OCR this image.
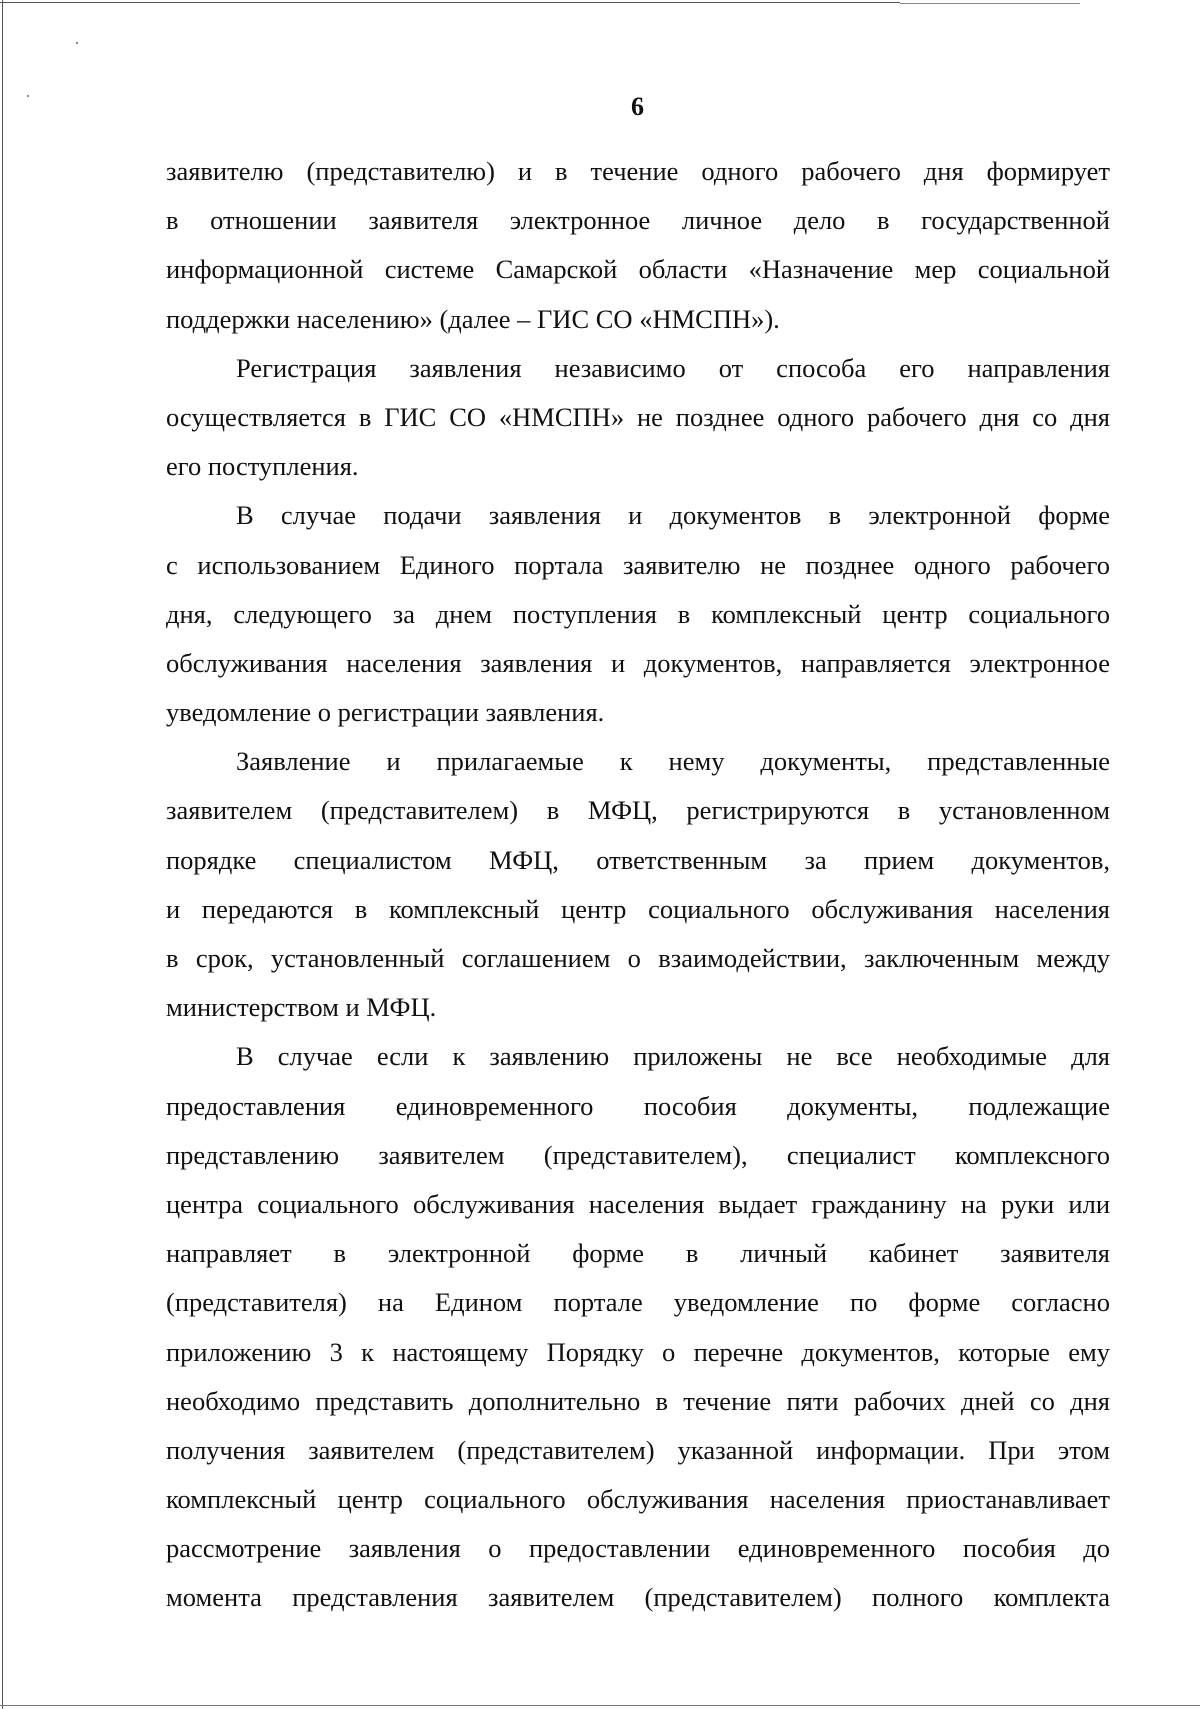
6
заявителю (представителю) и в течение одного рабочего дня формирует
в отношении заявителя электронное личное дело в государственной
информационной системе Самарской области «Назначение мер социальной
поддержки населению» (далее – ГИС СО «НМСПН»).
Регистрация заявления независимо от способа его направления
осуществляется в ГИС СО «НМСПН» не позднее одного рабочего дня со дня
его поступления.
В случае подачи заявления и документов в электронной форме
с использованием Единого портала заявителю не позднее одного рабочего
дня, следующего за днем поступления в комплексный центр социального
обслуживания населения заявления и документов, направляется электронное
уведомление о регистрации заявления.
Заявление и прилагаемые к нему документы, представленные
заявителем (представителем) в МФЦ, регистрируются в установленном
порядке специалистом МФЦ, ответственным за прием документов,
и передаются в комплексный центр социального обслуживания населения
в срок, установленный соглашением о взаимодействии, заключенным между
министерством и МФЦ.
В случае если к заявлению приложены не все необходимые для
предоставления единовременного пособия документы, подлежащие
представлению заявителем (представителем), специалист комплексного
центра социального обслуживания населения выдает гражданину на руки или
направляет в электронной форме в личный кабинет заявителя
(представителя) на Едином портале уведомление по форме согласно
приложению 3 к настоящему Порядку о перечне документов, которые ему
необходимо представить дополнительно в течение пяти рабочих дней со дня
получения заявителем (представителем) указанной информации. При этом
комплексный центр социального обслуживания населения приостанавливает
рассмотрение заявления о предоставлении единовременного пособия до
момента представления заявителем (представителем) полного комплекта
